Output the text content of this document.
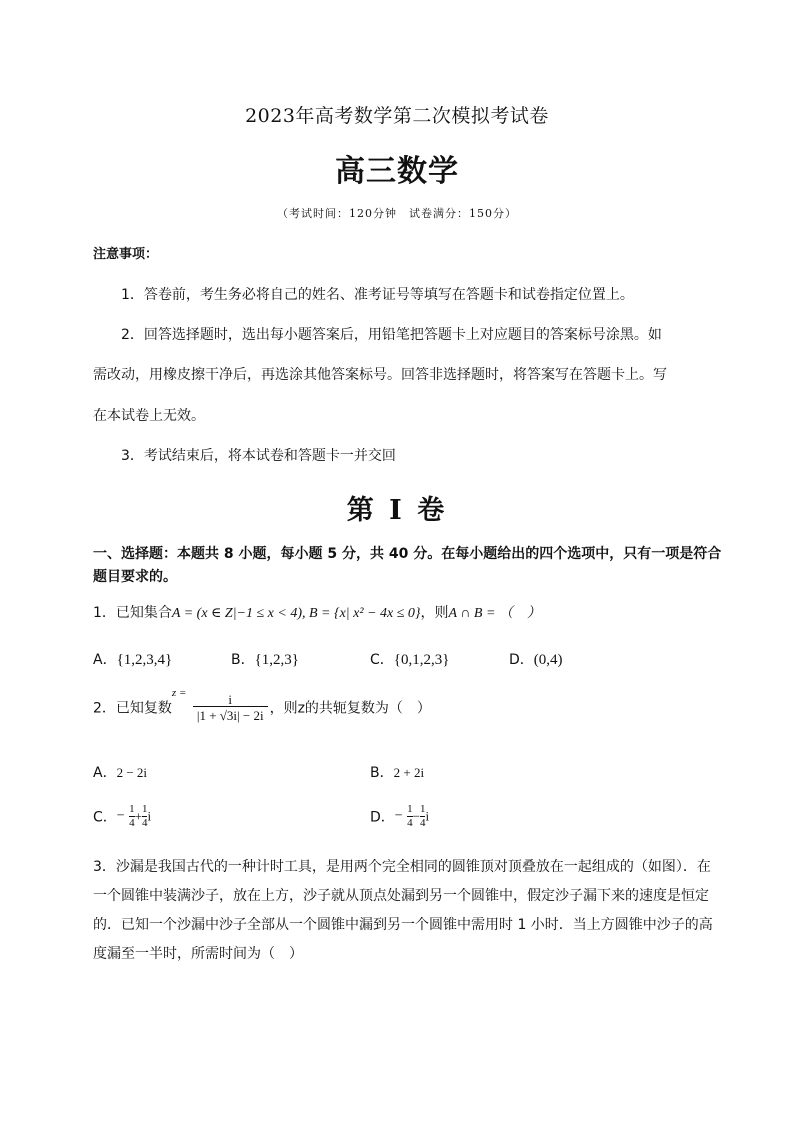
2023年高考数学第二次模拟考试卷
高三数学
（考试时间：120分钟　试卷满分：150分）
注意事项：
1．答卷前，考生务必将自己的姓名、准考证号等填写在答题卡和试卷指定位置上。
2．回答选择题时，选出每小题答案后，用铅笔把答题卡上对应题目的答案标号涂黑。如
需改动，用橡皮擦干净后，再选涂其他答案标号。回答非选择题时，将答案写在答题卡上。写
在本试卷上无效。
3．考试结束后，将本试卷和答题卡一并交回
第 I 卷
一、选择题：本题共 8 小题，每小题 5 分，共 40 分。在每小题给出的四个选项中，只有一项是符合
题目要求的。
1．已知集合A = (x ∈ Z|−1 ≤ x < 4), B = {x| x² − 4x ≤ 0}，则A ∩ B = （　）
A．{1,2,3,4}	B．{1,2,3}	C．{0,1,2,3}	D．(0,4)
2．已知复数$^{z =} \frac{i}{|1 + √3i| - 2i}$ ，则z的共轭复数为（　）
A．2 − 2i	B．2 + 2i
C．− $\frac{1}{4} + \frac{1}{4}$ i	D．− $\frac{1}{4} - \frac{1}{4}$ i
3．沙漏是我国古代的一种计时工具，是用两个完全相同的圆锥顶对顶叠放在一起组成的（如图）．在
一个圆锥中装满沙子，放在上方，沙子就从顶点处漏到另一个圆锥中，假定沙子漏下来的速度是恒定
的．已知一个沙漏中沙子全部从一个圆锥中漏到另一个圆锥中需用时 1 小时．当上方圆锥中沙子的高
度漏至一半时，所需时间为（　）
